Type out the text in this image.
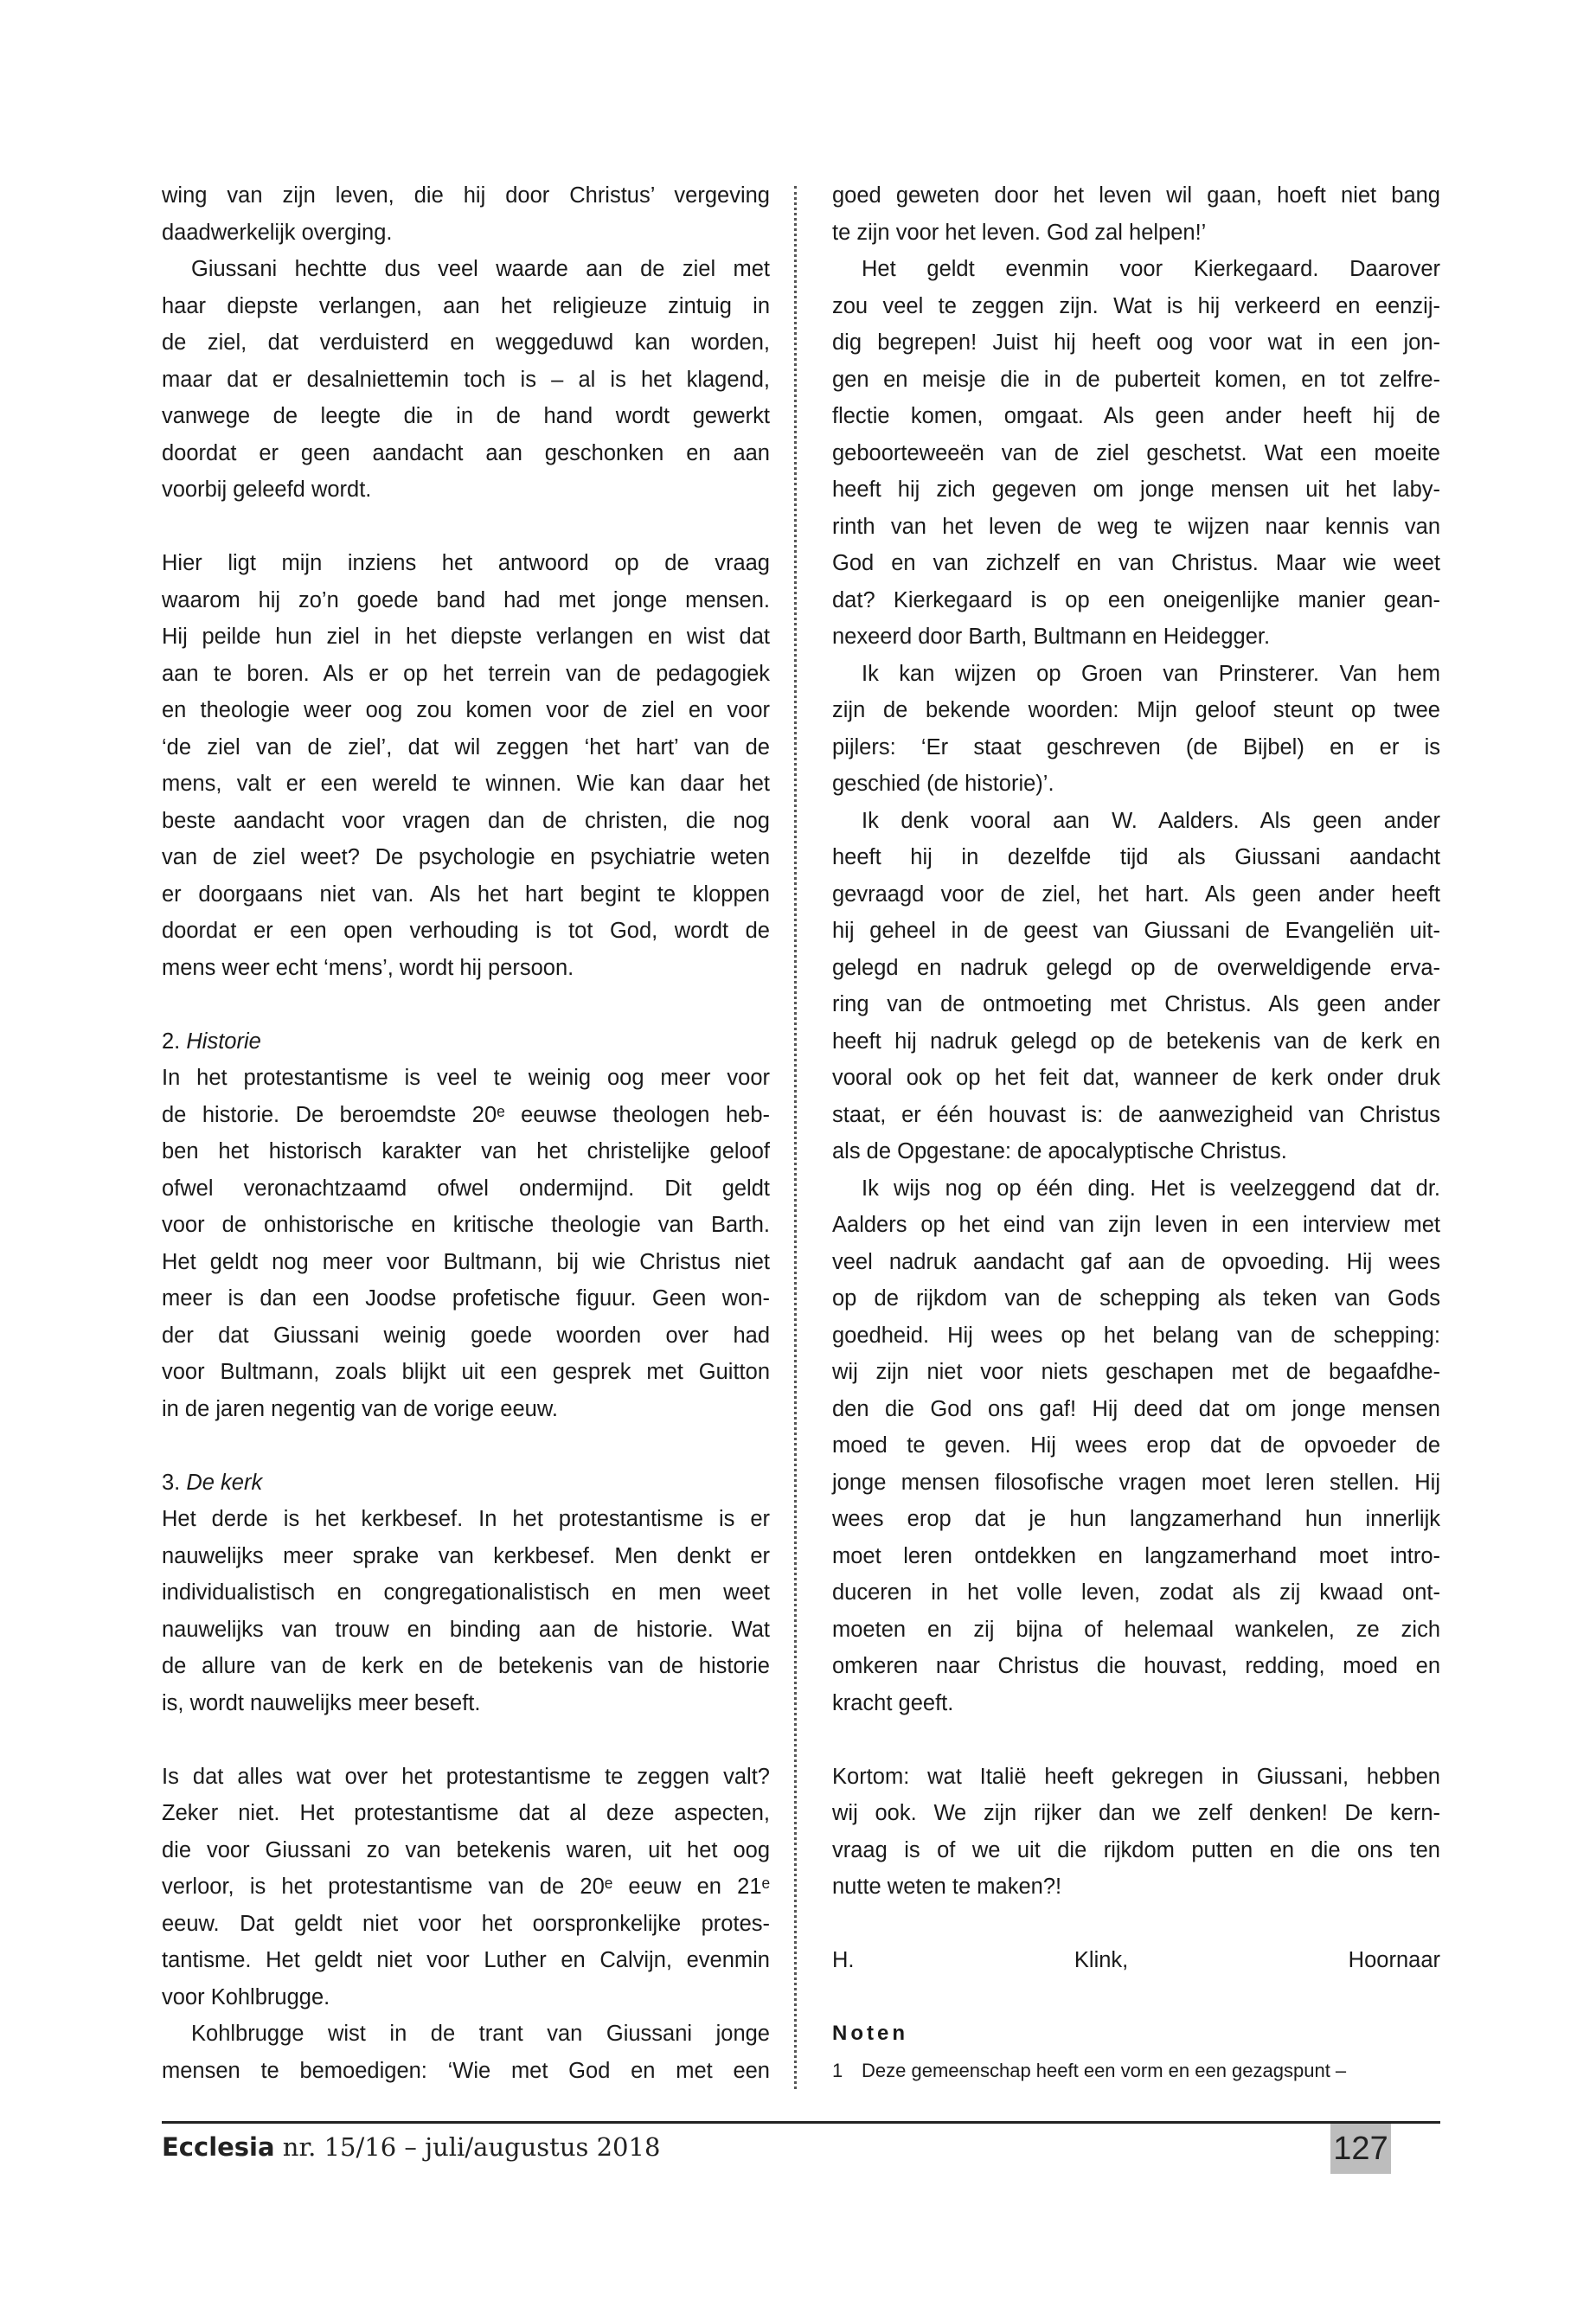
wing van zijn leven, die hij door Christus’ vergeving
daadwerkelijk overging.
Giussani hechtte dus veel waarde aan de ziel met
haar diepste verlangen, aan het religieuze zintuig in
de ziel, dat verduisterd en weggeduwd kan worden,
maar dat er desalniettemin toch is – al is het klagend,
vanwege de leegte die in de hand wordt gewerkt
doordat er geen aandacht aan geschonken en aan
voorbij geleefd wordt.
Hier ligt mijn inziens het antwoord op de vraag
waarom hij zo’n goede band had met jonge mensen.
Hij peilde hun ziel in het diepste verlangen en wist dat
aan te boren. Als er op het terrein van de pedagogiek
en theologie weer oog zou komen voor de ziel en voor
‘de ziel van de ziel’, dat wil zeggen ‘het hart’ van de
mens, valt er een wereld te winnen. Wie kan daar het
beste aandacht voor vragen dan de christen, die nog
van de ziel weet? De psychologie en psychiatrie weten
er doorgaans niet van. Als het hart begint te kloppen
doordat er een open verhouding is tot God, wordt de
mens weer echt ‘mens’, wordt hij persoon.
2. Historie
In het protestantisme is veel te weinig oog meer voor
de historie. De beroemdste 20ᵉ eeuwse theologen heb-
ben het historisch karakter van het christelijke geloof
ofwel veronachtzaamd ofwel ondermijnd. Dit geldt
voor de onhistorische en kritische theologie van Barth.
Het geldt nog meer voor Bultmann, bij wie Christus niet
meer is dan een Joodse profetische figuur. Geen won-
der dat Giussani weinig goede woorden over had
voor Bultmann, zoals blijkt uit een gesprek met Guitton
in de jaren negentig van de vorige eeuw.
3. De kerk
Het derde is het kerkbesef. In het protestantisme is er
nauwelijks meer sprake van kerkbesef. Men denkt er
individualistisch en congregationalistisch en men weet
nauwelijks van trouw en binding aan de historie. Wat
de allure van de kerk en de betekenis van de historie
is, wordt nauwelijks meer beseft.
Is dat alles wat over het protestantisme te zeggen valt?
Zeker niet. Het protestantisme dat al deze aspecten,
die voor Giussani zo van betekenis waren, uit het oog
verloor, is het protestantisme van de 20ᵉ eeuw en 21ᵉ
eeuw. Dat geldt niet voor het oorspronkelijke protes-
tantisme. Het geldt niet voor Luther en Calvijn, evenmin
voor Kohlbrugge.
Kohlbrugge wist in de trant van Giussani jonge
mensen te bemoedigen: ‘Wie met God en met een
goed geweten door het leven wil gaan, hoeft niet bang
te zijn voor het leven. God zal helpen!’
Het geldt evenmin voor Kierkegaard. Daarover
zou veel te zeggen zijn. Wat is hij verkeerd en eenzij-
dig begrepen! Juist hij heeft oog voor wat in een jon-
gen en meisje die in de puberteit komen, en tot zelfre-
flectie komen, omgaat. Als geen ander heeft hij de
geboorteweeën van de ziel geschetst. Wat een moeite
heeft hij zich gegeven om jonge mensen uit het laby-
rinth van het leven de weg te wijzen naar kennis van
God en van zichzelf en van Christus. Maar wie weet
dat? Kierkegaard is op een oneigenlijke manier gean-
nexeerd door Barth, Bultmann en Heidegger.
Ik kan wijzen op Groen van Prinsterer. Van hem
zijn de bekende woorden: Mijn geloof steunt op twee
pijlers: ‘Er staat geschreven (de Bijbel) en er is
geschied (de historie)’.
Ik denk vooral aan W. Aalders. Als geen ander
heeft hij in dezelfde tijd als Giussani aandacht
gevraagd voor de ziel, het hart. Als geen ander heeft
hij geheel in de geest van Giussani de Evangeliën uit-
gelegd en nadruk gelegd op de overweldigende erva-
ring van de ontmoeting met Christus. Als geen ander
heeft hij nadruk gelegd op de betekenis van de kerk en
vooral ook op het feit dat, wanneer de kerk onder druk
staat, er één houvast is: de aanwezigheid van Christus
als de Opgestane: de apocalyptische Christus.
Ik wijs nog op één ding. Het is veelzeggend dat dr.
Aalders op het eind van zijn leven in een interview met
veel nadruk aandacht gaf aan de opvoeding. Hij wees
op de rijkdom van de schepping als teken van Gods
goedheid. Hij wees op het belang van de schepping:
wij zijn niet voor niets geschapen met de begaafdhe-
den die God ons gaf! Hij deed dat om jonge mensen
moed te geven. Hij wees erop dat de opvoeder de
jonge mensen filosofische vragen moet leren stellen. Hij
wees erop dat je hun langzamerhand hun innerlijk
moet leren ontdekken en langzamerhand moet intro-
duceren in het volle leven, zodat als zij kwaad ont-
moeten en zij bijna of helemaal wankelen, ze zich
omkeren naar Christus die houvast, redding, moed en
kracht geeft.
Kortom: wat Italië heeft gekregen in Giussani, hebben
wij ook. We zijn rijker dan we zelf denken! De kern-
vraag is of we uit die rijkdom putten en die ons ten
nutte weten te maken?!
H. Klink, Hoornaar
Noten
1 Deze gemeenschap heeft een vorm en een gezagspunt –
Ecclesia nr. 15/16 – juli/augustus 2018	127
